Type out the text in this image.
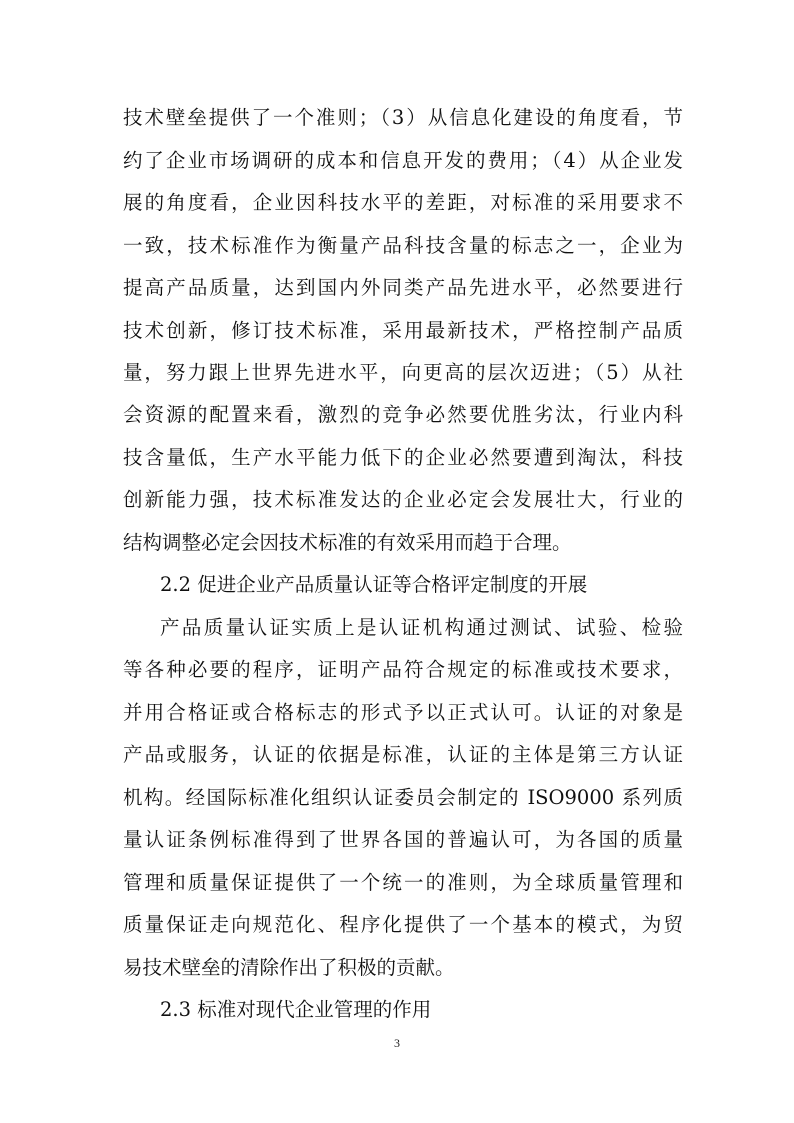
技术壁垒提供了一个准则；（3）从信息化建设的角度看，节
约了企业市场调研的成本和信息开发的费用；（4）从企业发
展的角度看，企业因科技水平的差距，对标准的采用要求不
一致，技术标准作为衡量产品科技含量的标志之一，企业为
提高产品质量，达到国内外同类产品先进水平，必然要进行
技术创新，修订技术标准，采用最新技术，严格控制产品质
量，努力跟上世界先进水平，向更高的层次迈进；（5）从社
会资源的配置来看，激烈的竞争必然要优胜劣汰，行业内科
技含量低，生产水平能力低下的企业必然要遭到淘汰，科技
创新能力强，技术标准发达的企业必定会发展壮大，行业的
结构调整必定会因技术标准的有效采用而趋于合理。
2.2 促进企业产品质量认证等合格评定制度的开展
产品质量认证实质上是认证机构通过测试、试验、检验
等各种必要的程序，证明产品符合规定的标准或技术要求，
并用合格证或合格标志的形式予以正式认可。认证的对象是
产品或服务，认证的依据是标准，认证的主体是第三方认证
机构。经国际标准化组织认证委员会制定的 ISO9000 系列质
量认证条例标准得到了世界各国的普遍认可，为各国的质量
管理和质量保证提供了一个统一的准则，为全球质量管理和
质量保证走向规范化、程序化提供了一个基本的模式，为贸
易技术壁垒的清除作出了积极的贡献。
2.3 标准对现代企业管理的作用
3
